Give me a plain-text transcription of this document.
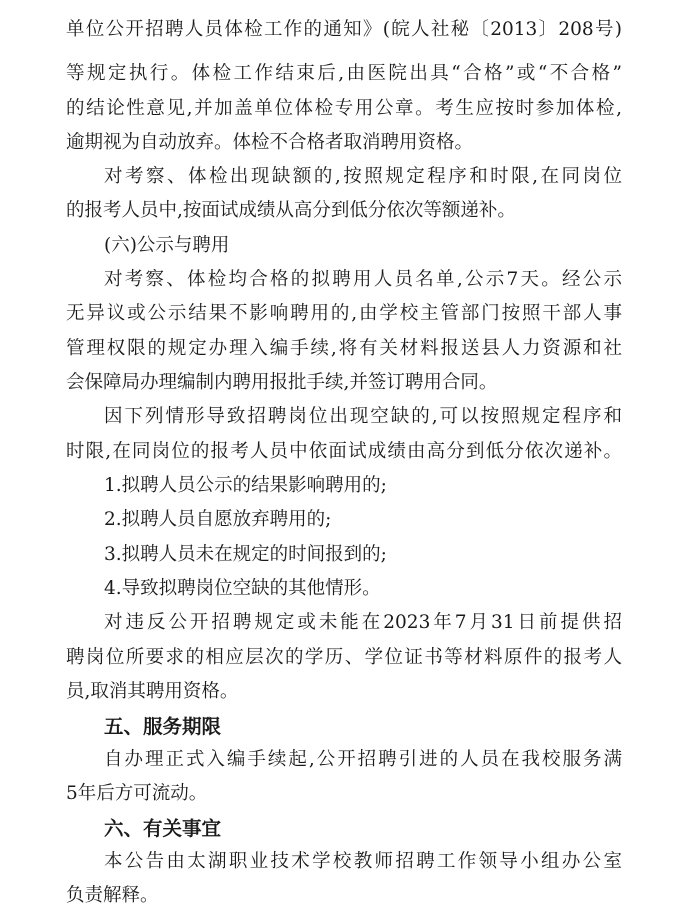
单位公开招聘人员体检工作的通知》(皖人社秘〔2013〕208号)
等规定执行。体检工作结束后,由医院出具“合格”或“不合格”
的结论性意见,并加盖单位体检专用公章。考生应按时参加体检,
逾期视为自动放弃。体检不合格者取消聘用资格。
对考察、体检出现缺额的,按照规定程序和时限,在同岗位
的报考人员中,按面试成绩从高分到低分依次等额递补。
(六)公示与聘用
对考察、体检均合格的拟聘用人员名单,公示7天。经公示
无异议或公示结果不影响聘用的,由学校主管部门按照干部人事
管理权限的规定办理入编手续,将有关材料报送县人力资源和社
会保障局办理编制内聘用报批手续,并签订聘用合同。
因下列情形导致招聘岗位出现空缺的,可以按照规定程序和
时限,在同岗位的报考人员中依面试成绩由高分到低分依次递补。
1.拟聘人员公示的结果影响聘用的;
2.拟聘人员自愿放弃聘用的;
3.拟聘人员未在规定的时间报到的;
4.导致拟聘岗位空缺的其他情形。
对违反公开招聘规定或未能在2023年7月31日前提供招
聘岗位所要求的相应层次的学历、学位证书等材料原件的报考人
员,取消其聘用资格。
五、服务期限
自办理正式入编手续起,公开招聘引进的人员在我校服务满
5年后方可流动。
六、有关事宜
本公告由太湖职业技术学校教师招聘工作领导小组办公室
负责解释。
